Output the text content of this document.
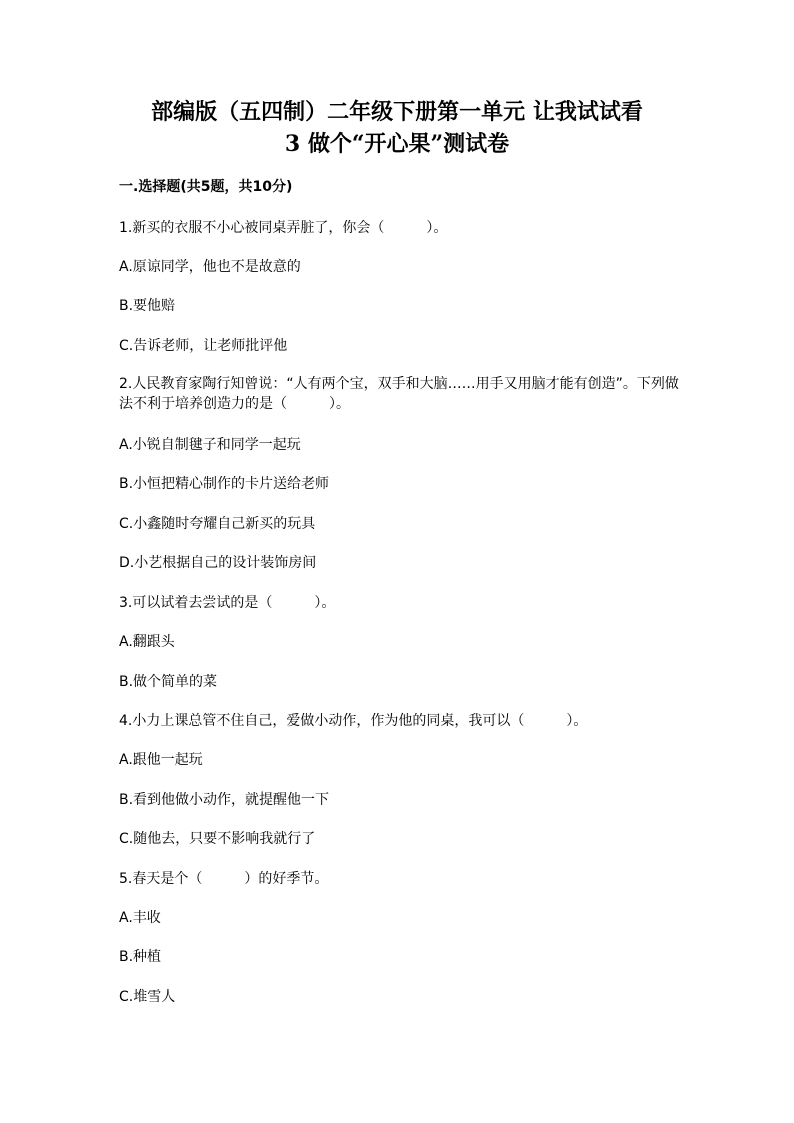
部编版（五四制）二年级下册第一单元 让我试试看
3 做个“开心果”测试卷
一.选择题(共5题，共10分)
1.新买的衣服不小心被同桌弄脏了，你会（　　　）。
A.原谅同学，他也不是故意的
B.要他赔
C.告诉老师，让老师批评他
2.人民教育家陶行知曾说：“人有两个宝，双手和大脑……用手又用脑才能有创造”。下列做法不利于培养创造力的是（　　　）。
A.小锐自制毽子和同学一起玩
B.小恒把精心制作的卡片送给老师
C.小鑫随时夸耀自己新买的玩具
D.小艺根据自己的设计装饰房间
3.可以试着去尝试的是（　　　）。
A.翻跟头
B.做个简单的菜
4.小力上课总管不住自己，爱做小动作，作为他的同桌，我可以（　　　）。
A.跟他一起玩
B.看到他做小动作，就提醒他一下
C.随他去，只要不影响我就行了
5.春天是个（　　　）的好季节。
A.丰收
B.种植
C.堆雪人
